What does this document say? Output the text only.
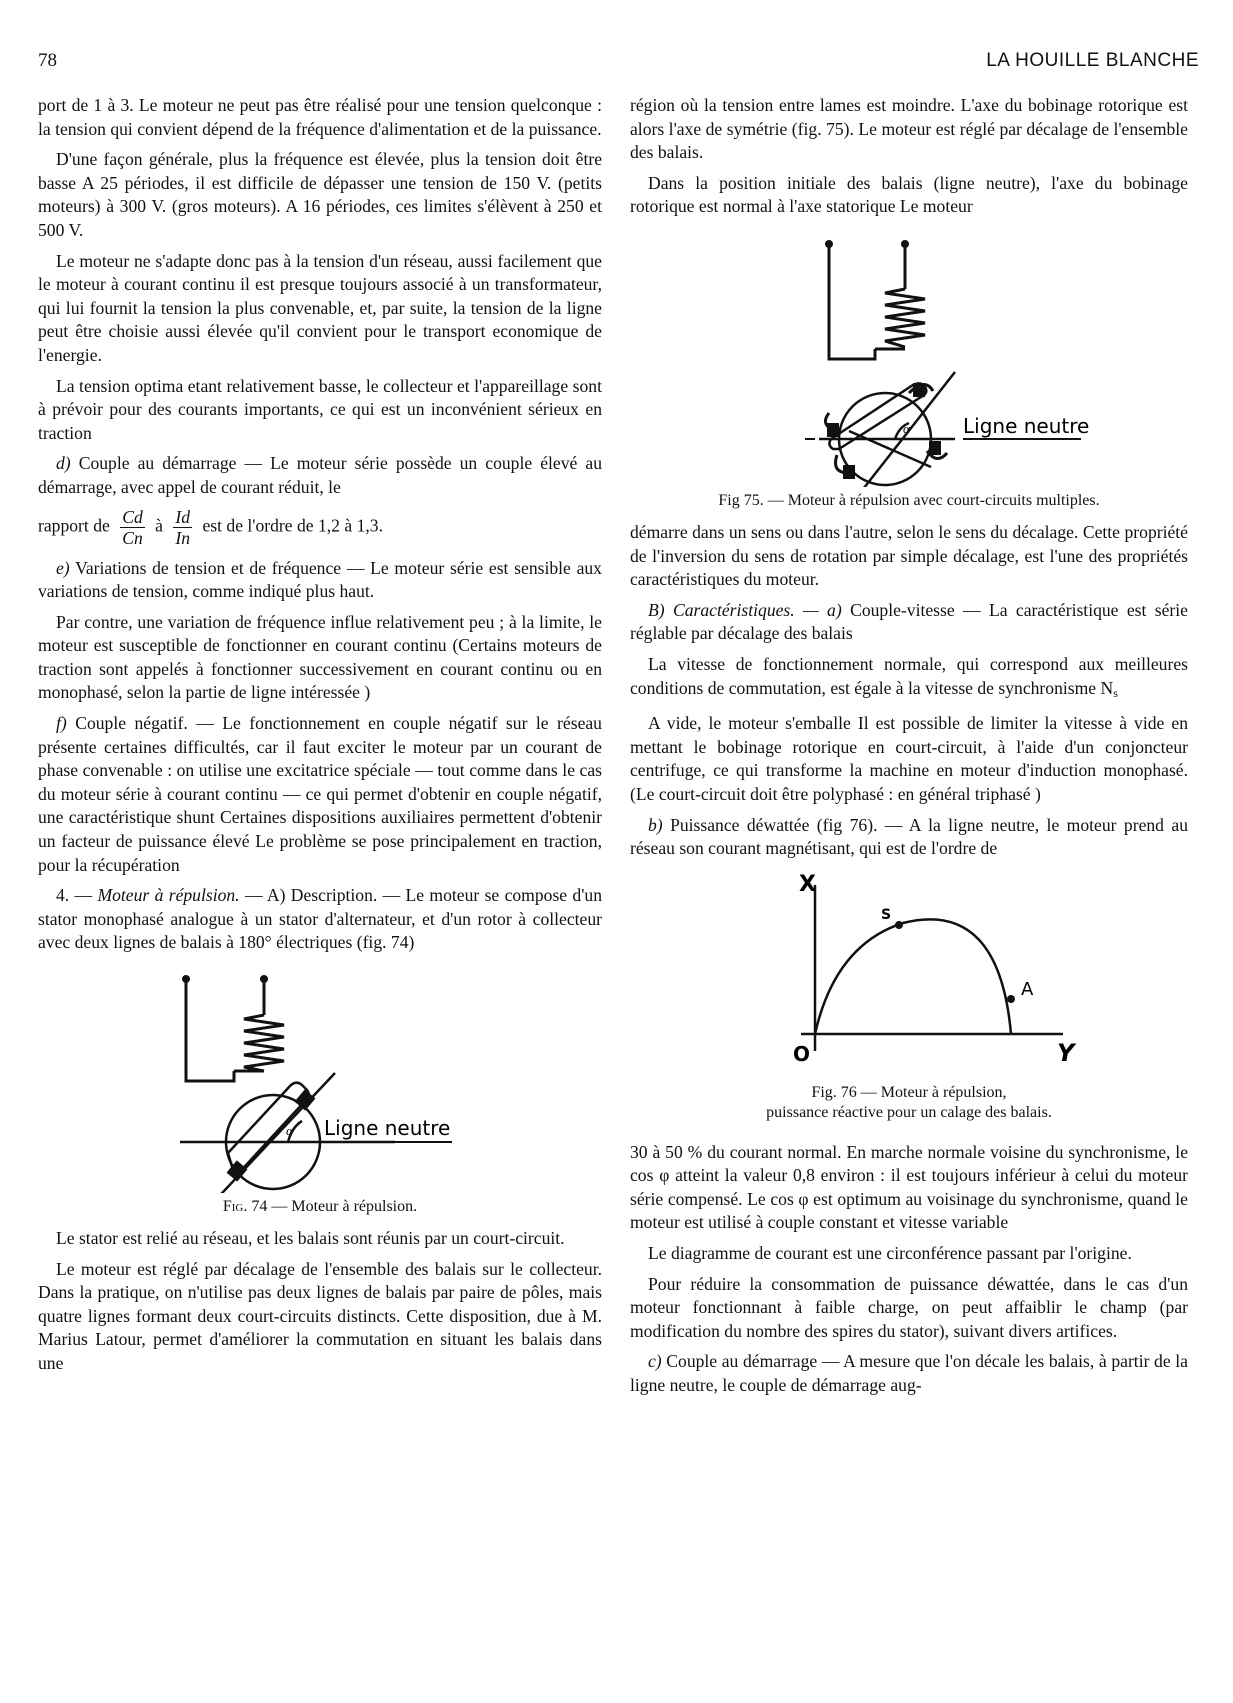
78	LA HOUILLE BLANCHE

port de 1 à 3. Le moteur ne peut pas être réalisé pour une tension quelconque : la tension qui convient dépend de la fréquence d'alimentation et de la puissance.

D'une façon générale, plus la fréquence est élevée, plus la tension doit être basse A 25 périodes, il est difficile de dépasser une tension de 150 V. (petits moteurs) à 300 V. (gros moteurs). A 16 périodes, ces limites s'élèvent à 250 et 500 V.

Le moteur ne s'adapte donc pas à la tension d'un réseau, aussi facilement que le moteur à courant continu il est presque toujours associé à un transformateur, qui lui fournit la tension la plus convenable, et, par suite, la tension de la ligne peut être choisie aussi élevée qu'il convient pour le transport economique de l'energie.

La tension optima etant relativement basse, le collecteur et l'appareillage sont à prévoir pour des courants importants, ce qui est un inconvénient sérieux en traction

d) Couple au démarrage — Le moteur série possède un couple élevé au démarrage, avec appel de courant réduit, le

rapport de $\frac{Cd}{Cn}$ à $\frac{Id}{In}$ est de l'ordre de 1,2 à 1,3.

e) Variations de tension et de fréquence — Le moteur série est sensible aux variations de tension, comme indiqué plus haut.

Par contre, une variation de fréquence influe relativement peu ; à la limite, le moteur est susceptible de fonctionner en courant continu (Certains moteurs de traction sont appelés à fonctionner successivement en courant continu ou en monophasé, selon la partie de ligne intéressée )

f) Couple négatif. — Le fonctionnement en couple négatif sur le réseau présente certaines difficultés, car il faut exciter le moteur par un courant de phase convenable : on utilise une excitatrice spéciale — tout comme dans le cas du moteur série à courant continu — ce qui permet d'obtenir en couple négatif, une caractéristique shunt Certaines dispositions auxiliaires permettent d'obtenir un facteur de puissance élevé Le problème se pose principalement en traction, pour la récupération

4. — Moteur à répulsion. — A) Description. — Le moteur se compose d'un stator monophasé analogue à un stator d'alternateur, et d'un rotor à collecteur avec deux lignes de balais à 180° électriques (fig. 74)

α Ligne neutre
Fig. 74 — Moteur à répulsion.

Le stator est relié au réseau, et les balais sont réunis par un court-circuit.

Le moteur est réglé par décalage de l'ensemble des balais sur le collecteur. Dans la pratique, on n'utilise pas deux lignes de balais par paire de pôles, mais quatre lignes formant deux court-circuits distincts. Cette disposition, due à M. Marius Latour, permet d'améliorer la commutation en situant les balais dans une

région où la tension entre lames est moindre. L'axe du bobinage rotorique est alors l'axe de symétrie (fig. 75). Le moteur est réglé par décalage de l'ensemble des balais.

Dans la position initiale des balais (ligne neutre), l'axe du bobinage rotorique est normal à l'axe statorique Le moteur

α	Ligne neutre
Fig 75. — Moteur à répulsion avec court-circuits multiples.

démarre dans un sens ou dans l'autre, selon le sens du décalage. Cette propriété de l'inversion du sens de rotation par simple décalage, est l'une des propriétés caractéristiques du moteur.

B) Caractéristiques. — a) Couple-vitesse — La caractéristique est série réglable par décalage des balais

La vitesse de fonctionnement normale, qui correspond aux meilleures conditions de commutation, est égale à la vitesse de synchronisme $N_s$

A vide, le moteur s'emballe Il est possible de limiter la vitesse à vide en mettant le bobinage rotorique en court-circuit, à l'aide d'un conjoncteur centrifuge, ce qui transforme la machine en moteur d'induction monophasé. (Le court-circuit doit être polyphasé : en général triphasé )

b) Puissance déwattée (fig 76). — A la ligne neutre, le moteur prend au réseau son courant magnétisant, qui est de l'ordre de

X
Y
O
S
A
Fig. 76 — Moteur à répulsion,
puissance réactive pour un calage des balais.

30 à 50 % du courant normal. En marche normale voisine du synchronisme, le cos φ atteint la valeur 0,8 environ : il est toujours inférieur à celui du moteur série compensé. Le cos φ est optimum au voisinage du synchronisme, quand le moteur est utilisé à couple constant et vitesse variable

Le diagramme de courant est une circonférence passant par l'origine.

Pour réduire la consommation de puissance déwattée, dans le cas d'un moteur fonctionnant à faible charge, on peut affaiblir le champ (par modification du nombre des spires du stator), suivant divers artifices.

c) Couple au démarrage — A mesure que l'on décale les balais, à partir de la ligne neutre, le couple de démarrage aug-
